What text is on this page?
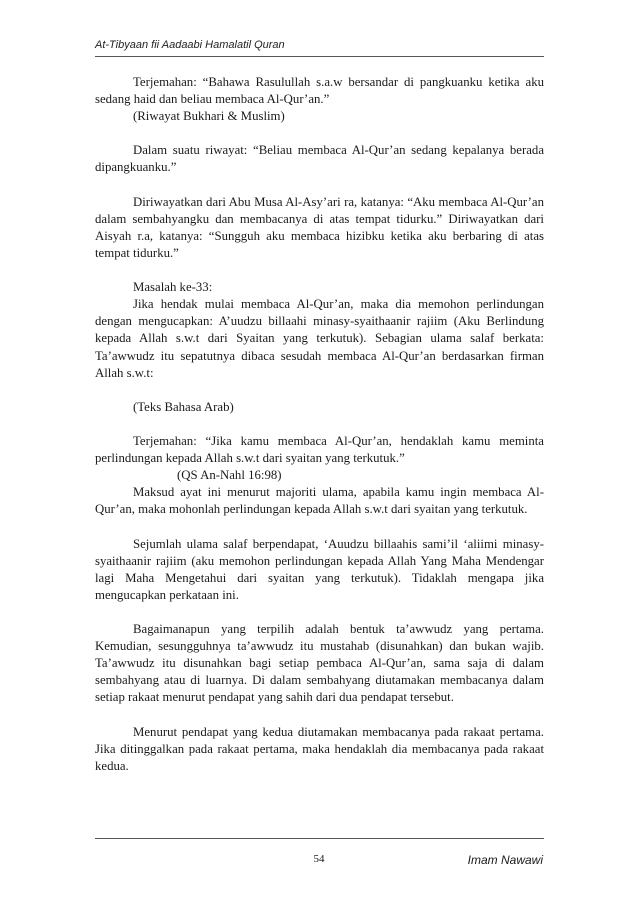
At-Tibyaan fii Aadaabi Hamalatil Quran

Terjemahan: “Bahawa Rasulullah s.a.w bersandar di pangkuanku ketika aku sedang haid dan beliau membaca Al-Qur’an.”
(Riwayat Bukhari & Muslim)

Dalam suatu riwayat: “Beliau membaca Al-Qur’an sedang kepalanya berada dipangkuanku.”

Diriwayatkan dari Abu Musa Al-Asy’ari ra, katanya: “Aku membaca Al-Qur’an dalam sembahyangku dan membacanya di atas tempat tidurku.” Diriwayatkan dari Aisyah r.a, katanya: “Sungguh aku membaca hizibku ketika aku berbaring di atas tempat tidurku.”

Masalah ke-33:

Jika hendak mulai membaca Al-Qur’an, maka dia memohon perlindungan dengan mengucapkan: A’uudzu billaahi minasy-syaithaanir rajiim (Aku Berlindung kepada Allah s.w.t dari Syaitan yang terkutuk). Sebagian ulama salaf berkata: Ta’awwudz itu sepatutnya dibaca sesudah membaca Al-Qur’an berdasarkan firman Allah s.w.t:

(Teks Bahasa Arab)

Terjemahan: “Jika kamu membaca Al-Qur’an, hendaklah kamu meminta perlindungan kepada Allah s.w.t dari syaitan yang terkutuk.”
(QS An-Nahl 16:98)

Maksud ayat ini menurut majoriti ulama, apabila kamu ingin membaca Al-Qur’an, maka mohonlah perlindungan kepada Allah s.w.t dari syaitan yang terkutuk.

Sejumlah ulama salaf berpendapat, ‘Auudzu billaahis sami’il ‘aliimi minasy-syaithaanir rajiim (aku memohon perlindungan kepada Allah Yang Maha Mendengar lagi Maha Mengetahui dari syaitan yang terkutuk). Tidaklah mengapa jika mengucapkan perkataan ini.

Bagaimanapun yang terpilih adalah bentuk ta’awwudz yang pertama. Kemudian, sesungguhnya ta’awwudz itu mustahab (disunahkan) dan bukan wajib. Ta’awwudz itu disunahkan bagi setiap pembaca Al-Qur’an, sama saja di dalam sembahyang atau di luarnya. Di dalam sembahyang diutamakan membacanya dalam setiap rakaat menurut pendapat yang sahih dari dua pendapat tersebut.

Menurut pendapat yang kedua diutamakan membacanya pada rakaat pertama. Jika ditinggalkan pada rakaat pertama, maka hendaklah dia membacanya pada rakaat kedua.

54	Imam Nawawi
